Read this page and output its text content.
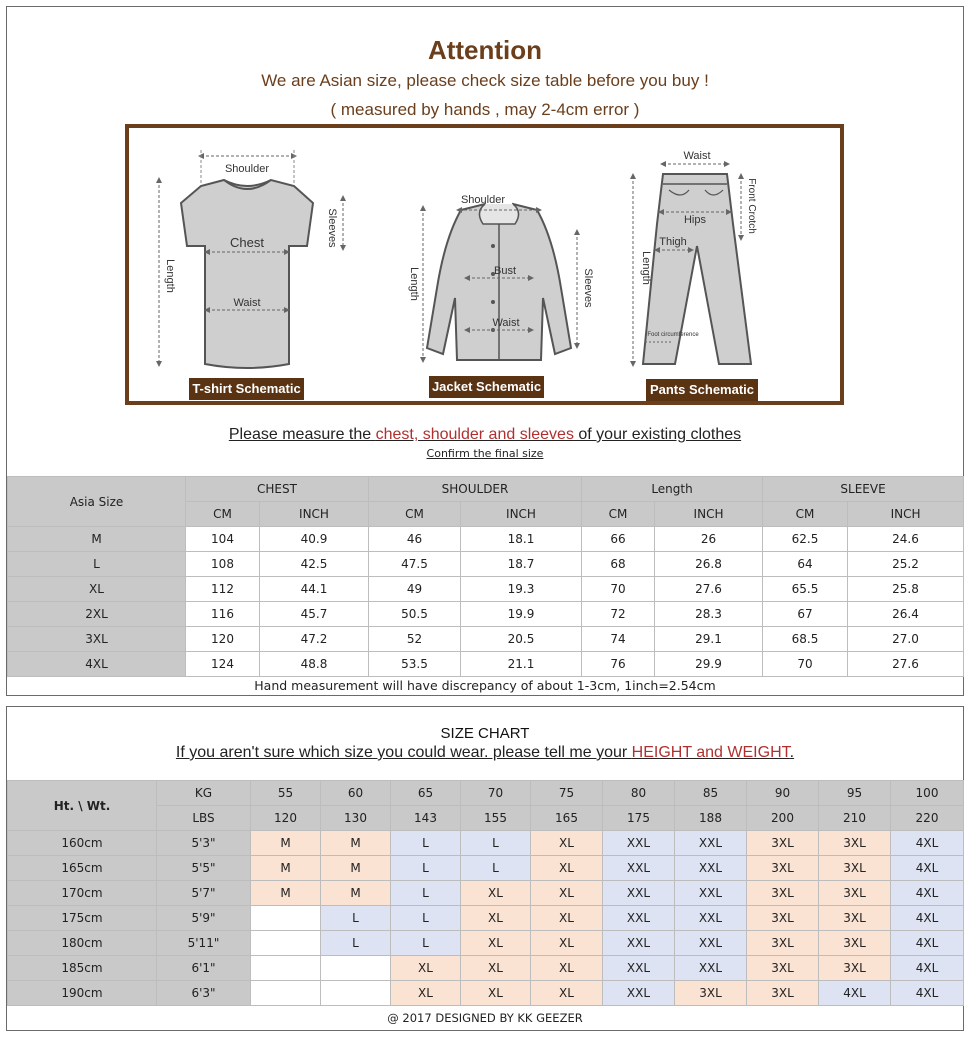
Attention
We are Asian size, please check size table before you buy !
( measured by hands , may 2-4cm error )
Shoulder
Sleeves
Length
Chest
Waist
Shoulder
Bust
Length	Sleeves
Waist
Waist
Front Crotch
Hips
Thigh
Length
Foot circumference
T-shirt Schematic	Jacket Schematic	Pants Schematic
Please measure the chest, shoulder and sleeves of your existing clothes
Confirm the final size
Asia Size	CHEST		SHOULDER		Length		SLEEVE	
	CM	INCH	CM	INCH	CM	INCH	CM	INCH
M	104	40.9	46	18.1	66	26	62.5	24.6
L	108	42.5	47.5	18.7	68	26.8	64	25.2
XL	112	44.1	49	19.3	70	27.6	65.5	25.8
2XL	116	45.7	50.5	19.9	72	28.3	67	26.4
3XL	120	47.2	52	20.5	74	29.1	68.5	27.0
4XL	124	48.8	53.5	21.1	76	29.9	70	27.6
Hand measurement will have discrepancy of about 1-3cm, 1inch=2.54cm
SIZE CHART
If you aren't sure which size you could wear. please tell me your HEIGHT and WEIGHT.
Ht. \ Wt.	KG	55	60	65	70	75	80	85	90	95	100
	LBS	120	130	143	155	165	175	188	200	210	220
160cm	5'3"	M	M	L	L	XL	XXL	XXL	3XL	3XL	4XL
165cm	5'5"	M	M	L	L	XL	XXL	XXL	3XL	3XL	4XL
170cm	5'7"	M	M	L	XL	XL	XXL	XXL	3XL	3XL	4XL
175cm	5'9"		L	L	XL	XL	XXL	XXL	3XL	3XL	4XL
180cm	5'11"		L	L	XL	XL	XXL	XXL	3XL	3XL	4XL
185cm	6'1"			XL	XL	XL	XXL	XXL	3XL	3XL	4XL
190cm	6'3"			XL	XL	XL	XXL	3XL	3XL	4XL	4XL
@ 2017 DESIGNED BY KK GEEZER
